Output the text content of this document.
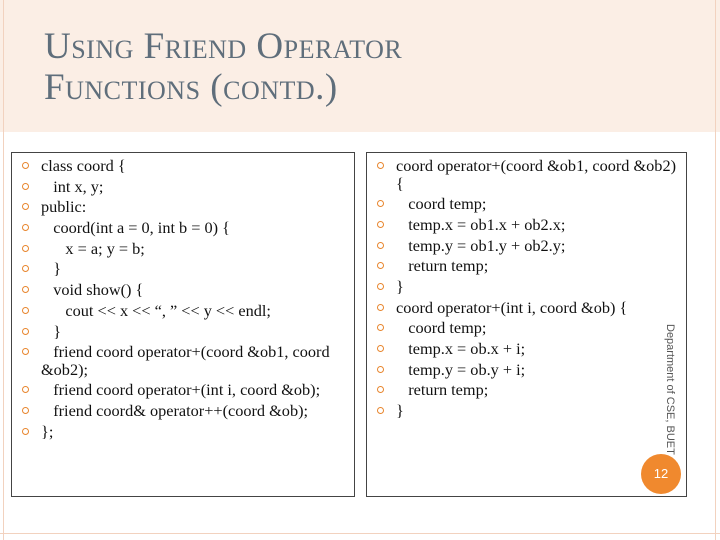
Using Friend Operator
Functions (contd.)
class coord {
int x, y;
public:
coord(int a = 0, int b = 0) {
x = a; y = b;
}
void show() {
cout << x << “, ” << y << endl;
}
friend coord operator+(coord &ob1, coord &ob2);
friend coord operator+(int i, coord &ob);
friend coord& operator++(coord &ob);
};
coord operator+(coord &ob1, coord &ob2) {
coord temp;
temp.x = ob1.x + ob2.x;
temp.y = ob1.y + ob2.y;
return temp;
}
coord operator+(int i, coord &ob) {
coord temp;
temp.x = ob.x + i;
temp.y = ob.y + i;
return temp;
}	Department of CSE, BUET
12
